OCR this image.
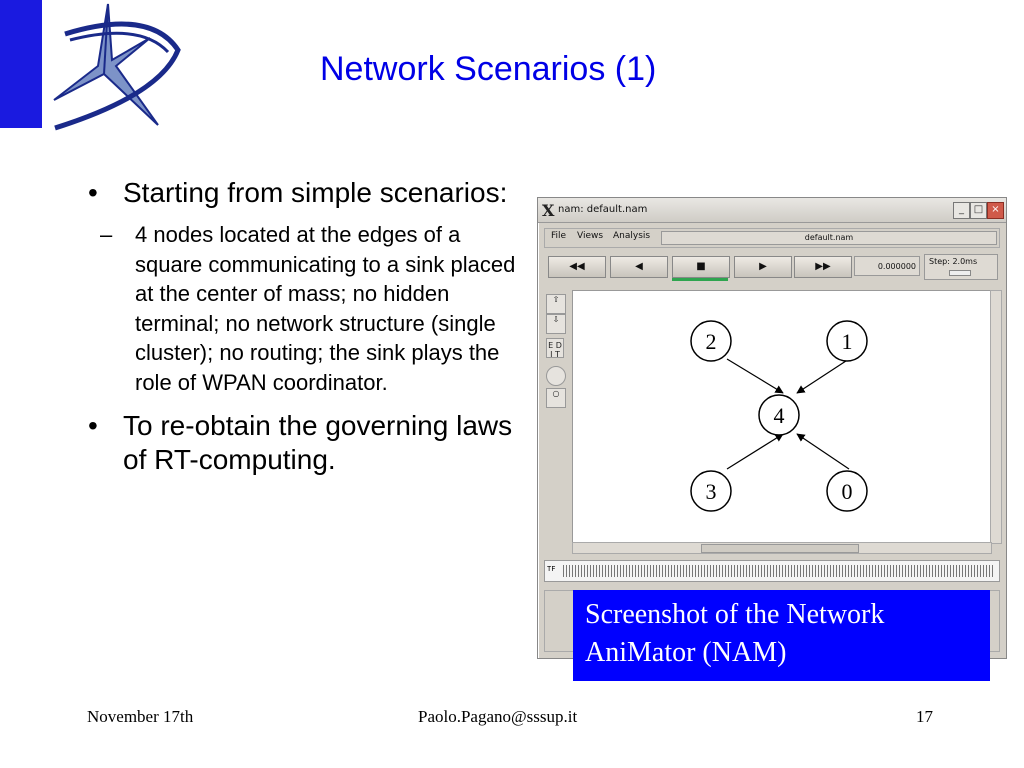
Network Scenarios (1)
• Starting from simple scenarios:
– 4 nodes located at the edges of a square communicating to a sink placed at the center of mass; no hidden terminal; no network structure (single cluster); no routing; the sink plays the role of WPAN coordinator.
• To re-obtain the governing laws of RT-computing.
X nam: default.nam	_ □ ×
File Views Analysis	default.nam
◀◀	◀	■	▶	▶▶	0.000000
Step: 2.0ms
⇧
⇩
E D I T
○
2	1
4
3	0
TF
Screenshot of the Network AniMator (NAM)
November 17th	Paolo.Pagano@sssup.it	17
